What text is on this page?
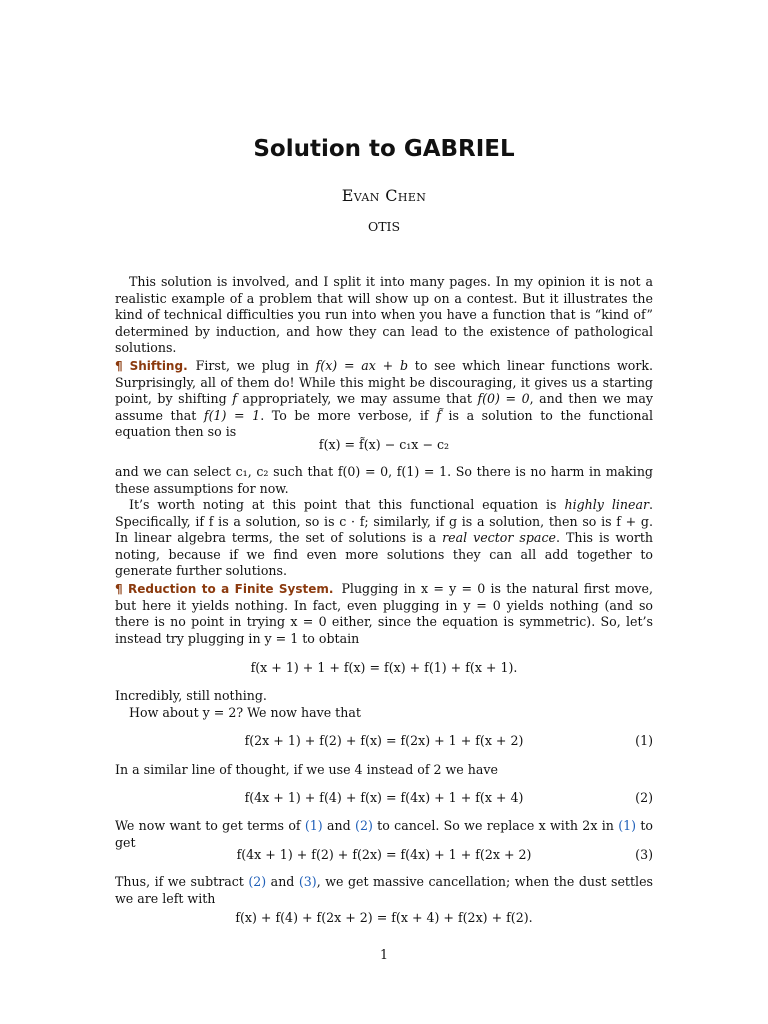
Solution to GABRIEL
Evan Chen
OTIS
This solution is involved, and I split it into many pages. In my opinion it is not a realistic example of a problem that will show up on a contest. But it illustrates the kind of technical difficulties you run into when you have a function that is “kind of” determined by induction, and how they can lead to the existence of pathological solutions.
¶ Shifting. First, we plug in f(x) = ax + b to see which linear functions work. Surprisingly, all of them do! While this might be discouraging, it gives us a starting point, by shifting f appropriately, we may assume that f(0) = 0, and then we may assume that f(1) = 1. To be more verbose, if f̃ is a solution to the functional equation then so is
f(x) = f̃(x) − c₁x − c₂
and we can select c₁, c₂ such that f(0) = 0, f(1) = 1. So there is no harm in making these assumptions for now.
It’s worth noting at this point that this functional equation is highly linear. Specifically, if f is a solution, so is c · f; similarly, if g is a solution, then so is f + g. In linear algebra terms, the set of solutions is a real vector space. This is worth noting, because if we find even more solutions they can all add together to generate further solutions.
¶ Reduction to a Finite System. Plugging in x = y = 0 is the natural first move, but here it yields nothing. In fact, even plugging in y = 0 yields nothing (and so there is no point in trying x = 0 either, since the equation is symmetric). So, let’s instead try plugging in y = 1 to obtain
f(x + 1) + 1 + f(x) = f(x) + f(1) + f(x + 1).
Incredibly, still nothing.
How about y = 2? We now have that
f(2x + 1) + f(2) + f(x) = f(2x) + 1 + f(x + 2)	(1)
In a similar line of thought, if we use 4 instead of 2 we have
f(4x + 1) + f(4) + f(x) = f(4x) + 1 + f(x + 4)	(2)
We now want to get terms of (1) and (2) to cancel. So we replace x with 2x in (1) to get
f(4x + 1) + f(2) + f(2x) = f(4x) + 1 + f(2x + 2)	(3)
Thus, if we subtract (2) and (3), we get massive cancellation; when the dust settles we are left with
f(x) + f(4) + f(2x + 2) = f(x + 4) + f(2x) + f(2).
1
